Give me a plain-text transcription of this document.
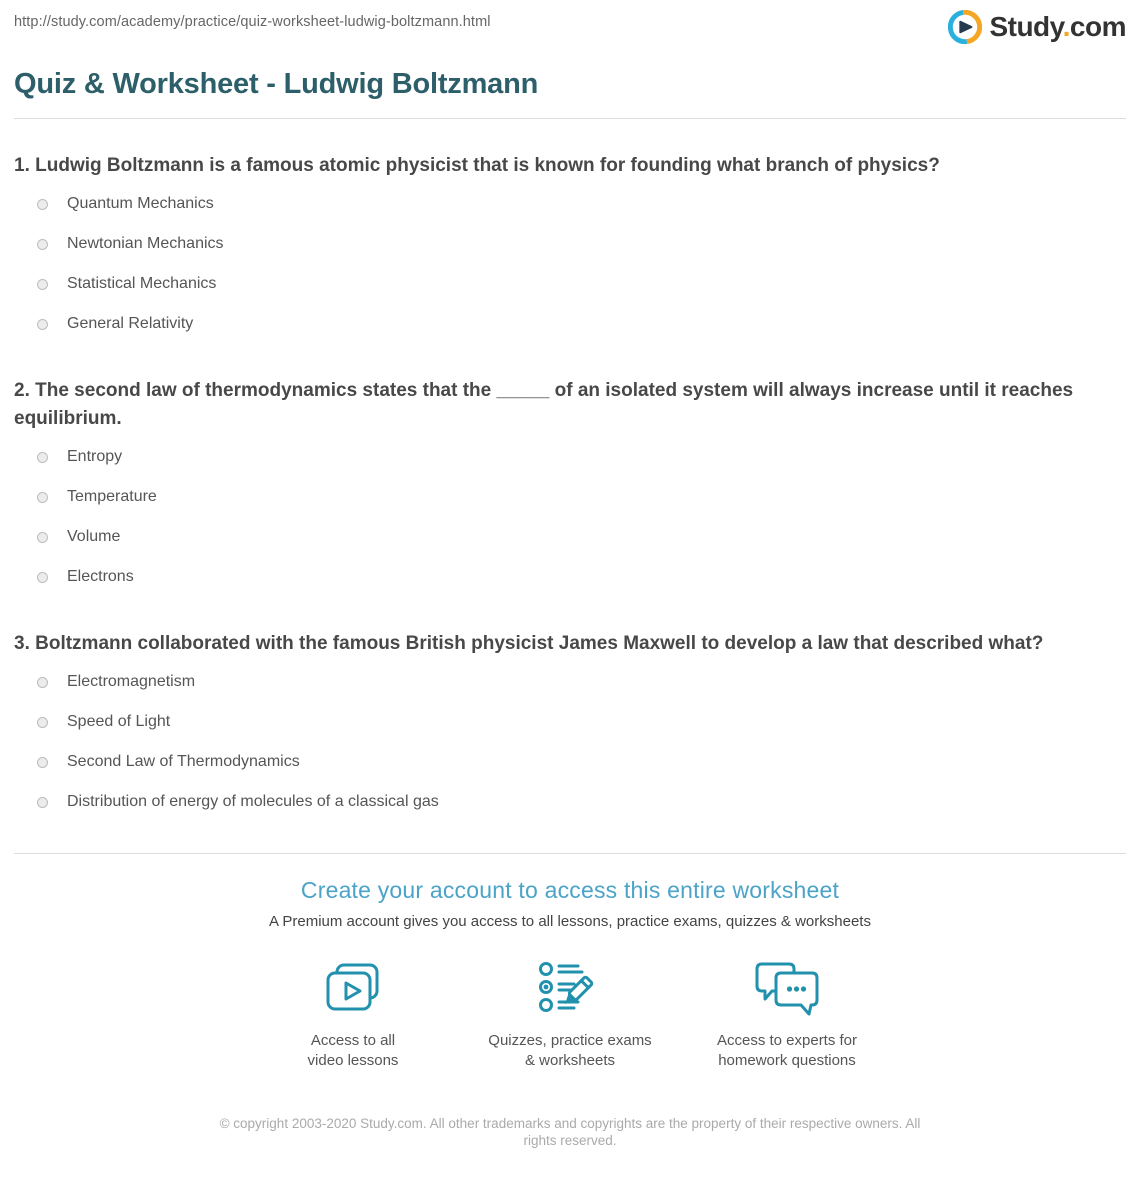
http://study.com/academy/practice/quiz-worksheet-ludwig-boltzmann.html	Study.com
Quiz & Worksheet - Ludwig Boltzmann

1. Ludwig Boltzmann is a famous atomic physicist that is known for founding what branch of physics?

Quantum Mechanics
Newtonian Mechanics
Statistical Mechanics
General Relativity

2. The second law of thermodynamics states that the _____ of an isolated system will always increase until it reaches equilibrium.

Entropy
Temperature
Volume
Electrons

3. Boltzmann collaborated with the famous British physicist James Maxwell to develop a law that described what?

Electromagnetism
Speed of Light
Second Law of Thermodynamics
Distribution of energy of molecules of a classical gas
Create your account to access this entire worksheet

A Premium account gives you access to all lessons, practice exams, quizzes & worksheets

Access to all
video lessons
Quizzes, practice exams
& worksheets
Access to experts for
homework questions
© copyright 2003-2020 Study.com. All other trademarks and copyrights are the property of their respective owners. All rights reserved.
